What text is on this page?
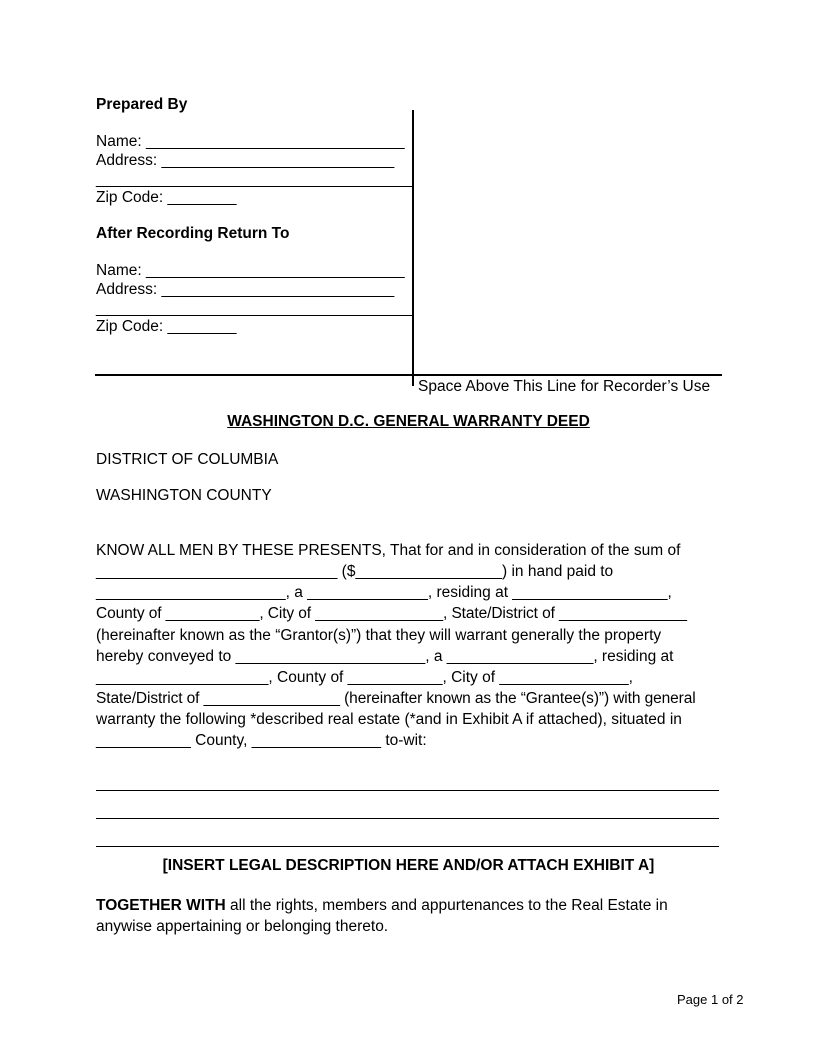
Prepared By
Name: ______________________________
Address: ___________________________
______________________________________
Zip Code: ________
After Recording Return To
Name: ______________________________
Address: ___________________________
______________________________________
Zip Code: ________
Space Above This Line for Recorder’s Use
WASHINGTON D.C. GENERAL WARRANTY DEED
DISTRICT OF COLUMBIA
WASHINGTON COUNTY
KNOW ALL MEN BY THESE PRESENTS, That for and in consideration of the sum of
____________________________ ($_________________) in hand paid to
______________________, a ______________, residing at __________________,
County of ___________, City of _______________, State/District of _______________
(hereinafter known as the “Grantor(s)”) that they will warrant generally the property
hereby conveyed to ______________________, a _________________, residing at
____________________, County of ___________, City of _______________,
State/District of ________________ (hereinafter known as the “Grantee(s)”) with general
warranty the following *described real estate (*and in Exhibit A if attached), situated in
___________ County, _______________ to-wit:
[INSERT LEGAL DESCRIPTION HERE AND/OR ATTACH EXHIBIT A]
TOGETHER WITH all the rights, members and appurtenances to the Real Estate in
anywise appertaining or belonging thereto.
Page 1 of 2
